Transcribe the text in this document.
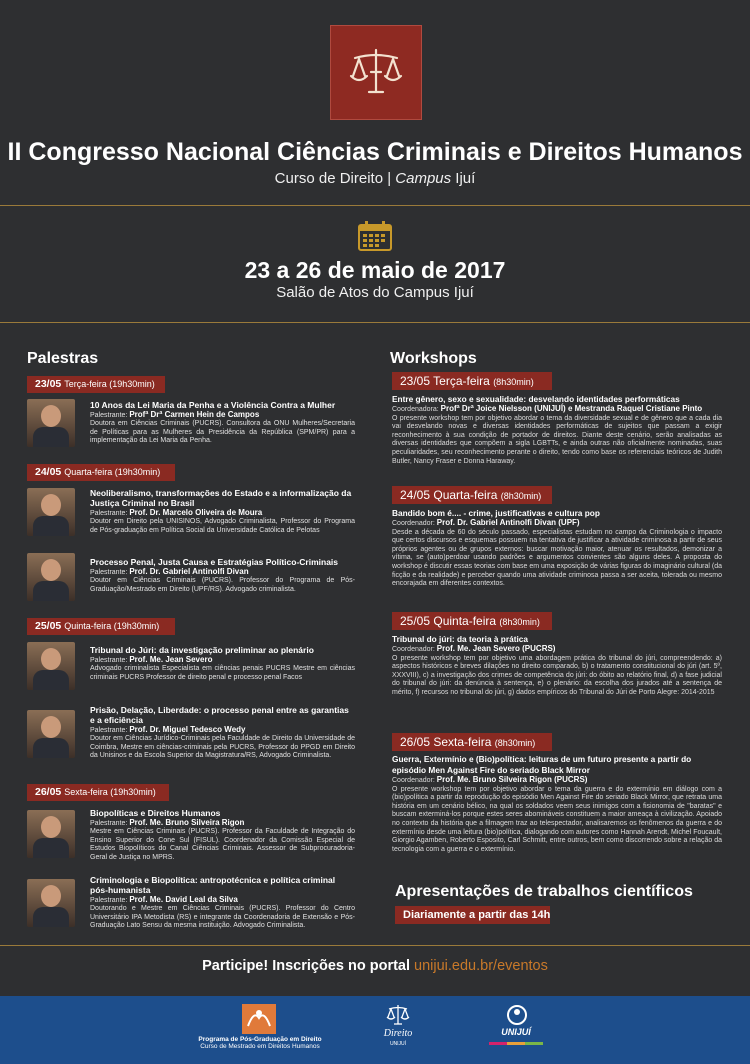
II Congresso Nacional Ciências Criminais e Direitos Humanos
Curso de Direito | Campus Ijuí
23 a 26 de maio de 2017
Salão de Atos do Campus Ijuí
Palestras
23/05 Terça-feira (19h30min)
10 Anos da Lei Maria da Penha e a Violência Contra a Mulher
Palestrante: Profª Drª Carmen Hein de Campos
Doutora em Ciências Criminais (PUCRS). Consultora da ONU Mulheres/Secretaria de Políticas para as Mulheres da Presidência da República (SPM/PR) para a implementação da Lei Maria da Penha.
24/05 Quarta-feira (19h30min)
Neoliberalismo, transformações do Estado e a informalização da Justiça Criminal no Brasil
Palestrante: Prof. Dr. Marcelo Oliveira de Moura
Doutor em Direito pela UNISINOS, Advogado Criminalista, Professor do Programa de Pós-graduação em Política Social da Universidade Católica de Pelotas
Processo Penal, Justa Causa e Estratégias Político-Criminais
Palestrante: Prof. Dr. Gabriel Antinolfi Divan
Doutor em Ciências Criminais (PUCRS). Professor do Programa de Pós-Graduação/Mestrado em Direito (UPF/RS). Advogado criminalista.
25/05 Quinta-feira (19h30min)
Tribunal do Júri: da investigação preliminar ao plenário
Palestrante: Prof. Me. Jean Severo
Advogado criminalista Especialista em ciências penais PUCRS Mestre em ciências criminais PUCRS Professor de direito penal e processo penal Facos
Prisão, Delação, Liberdade: o processo penal entre as garantias e a eficiência
Palestrante: Prof. Dr. Miguel Tedesco Wedy
Doutor em Ciências Jurídico-Criminais pela Faculdade de Direito da Universidade de Coimbra, Mestre em ciências-criminais pela PUCRS, Professor do PPGD em Direito da Unisinos e da Escola Superior da Magistratura/RS, Advogado Criminalista.
26/05 Sexta-feira (19h30min)
Biopolíticas e Direitos Humanos
Palestrante: Prof. Me. Bruno Silveira Rigon
Mestre em Ciências Criminais (PUCRS). Professor da Faculdade de Integração do Ensino Superior do Cone Sul (FISUL). Coordenador da Comissão Especial de Estudos Biopolíticos do Canal Ciências Criminais. Assessor de Subprocuradoria-Geral de Justiça no MPRS.
Criminologia e Biopolítica: antropotécnica e política criminal pós-humanista
Palestrante: Prof. Me. David Leal da Silva
Doutorando e Mestre em Ciências Criminais (PUCRS). Professor do Centro Universitário IPA Metodista (RS) e integrante da Coordenadoria de Extensão e Pós-Graduação Lato Sensu da mesma instituição. Advogado Criminalista.
Workshops
23/05 Terça-feira (8h30min)
Entre gênero, sexo e sexualidade: desvelando identidades performáticas
Coordenadora: Profª Drª Joice Nielsson (UNIJUÍ) e Mestranda Raquel Cristiane Pinto
O presente workshop tem por objetivo abordar o tema da diversidade sexual e de gênero que a cada dia vai desvelando novas e diversas identidades performáticas de sujeitos que passam a exigir reconhecimento à sua condição de portador de direitos. Diante deste cenário, serão analisadas as diversas identidades que compõem a sigla LGBTTs, e ainda outras não oficialmente nominadas, suas peculiaridades, seu reconhecimento perante o direito, tendo como base os referenciais teóricos de Judith Butler, Nancy Fraser e Donna Haraway.
24/05 Quarta-feira (8h30min)
Bandido bom é.... - crime, justificativas e cultura pop
Coordenador: Prof. Dr. Gabriel Antinolfi Divan (UPF)
Desde a década de 60 do século passado, especialistas estudam no campo da Criminologia o impacto que certos discursos e esquemas possuem na tentativa de justificar a atividade criminosa a partir de seus próprios agentes ou de grupos externos: buscar motivação maior, atenuar os resultados, demonizar a vítima, se (auto)perdoar usando padrões e argumentos convientes são alguns deles. A proposta do workshop é discutir essas teorias com base em uma exposição de várias figuras do imaginário cultural (da ficção e da realidade) e perceber quando uma atividade criminosa passa a ser aceita, tolerada ou mesmo encorajada em diferentes contextos.
25/05 Quinta-feira (8h30min)
Tribunal do júri: da teoria à prática
Coordenador: Prof. Me. Jean Severo (PUCRS)
O presente workshop tem por objetivo uma abordagem prática do tribunal do júri, compreendendo: a) aspectos históricos e breves dilações no direito comparado, b) o tratamento constitucional do júri (art. 5º, XXXVIII), c) a investigação dos crimes de competência do júri: do óbito ao relatório final, d) a fase judicial do tribunal do júri: da denúncia à sentença, e) o plenário: da escolha dos jurados até a sentença de mérito, f) recursos no tribunal do júri, g) dados empíricos do Tribunal do Júri de Porto Alegre: 2014-2015
26/05 Sexta-feira (8h30min)
Guerra, Extermínio e (Bio)política: leituras de um futuro presente a partir do episódio Men Against Fire do seriado Black Mirror
Coordenador: Prof. Me. Bruno Silveira Rigon (PUCRS)
O presente workshop tem por objetivo abordar o tema da guerra e do extermínio em diálogo com a (bio)política a partir da reprodução do episódio Men Against Fire do seriado Black Mirror, que retrata uma história em um cenário bélico, na qual os soldados veem seus inimigos com a fisionomia de "baratas" e buscam exterminá-los porque estes seres abomináveis constituem a maior ameaça à civilização. Apoiado no contexto da história que a filmagem traz ao telespectador, analisaremos os fenômenos da guerra e do extermínio desde uma leitura (bio)política, dialogando com autores como Hannah Arendt, Michel Foucault, Giorgio Agamben, Roberto Esposito, Carl Schmitt, entre outros, bem como discorrendo sobre a relação da tecnologia com a guerra e o extermínio.
Apresentações de trabalhos científicos
Diariamente a partir das 14h
Participe! Inscrições no portal unijui.edu.br/eventos
Programa de Pós-Graduação em Direito
Curso de Mestrado em Direitos Humanos
Direito
UNIJUÍ
UNIJUÍ
